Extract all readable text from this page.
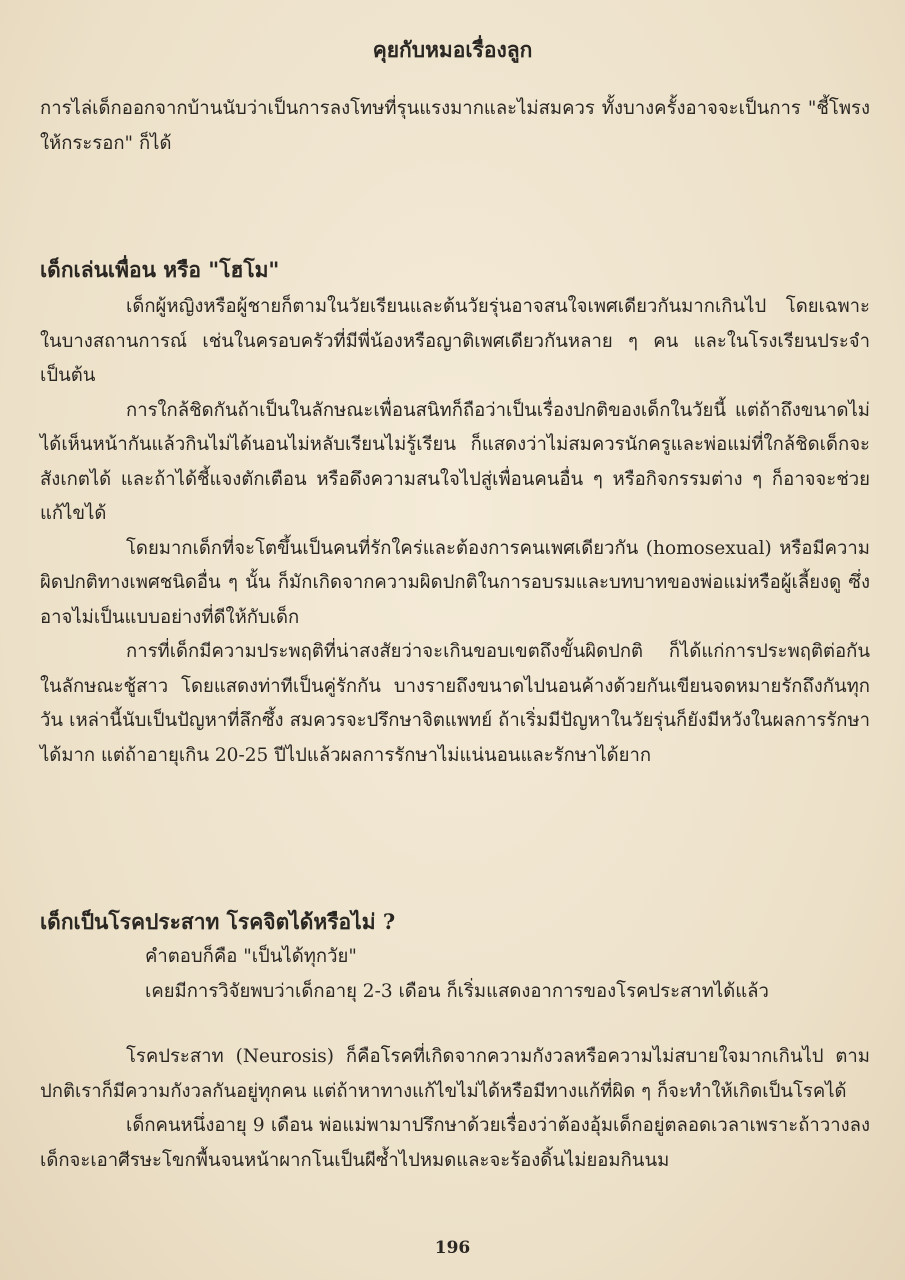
คุยกับหมอเรื่องลูก

การไล่เด็กออกจากบ้านนับว่าเป็นการลงโทษที่รุนแรงมากและไม่สมควร ทั้งบางครั้งอาจจะเป็นการ "ชี้โพรงให้กระรอก" ก็ได้

เด็กเล่นเพื่อน หรือ "โฮโม"

เด็กผู้หญิงหรือผู้ชายก็ตามในวัยเรียนและต้นวัยรุ่นอาจสนใจเพศเดียวกันมากเกินไป โดยเฉพาะในบางสถานการณ์ เช่นในครอบครัวที่มีพี่น้องหรือญาติเพศเดียวกันหลาย ๆ คน และในโรงเรียนประจำ เป็นต้น

การใกล้ชิดกันถ้าเป็นในลักษณะเพื่อนสนิทก็ถือว่าเป็นเรื่องปกติของเด็กในวัยนี้ แต่ถ้าถึงขนาดไม่ได้เห็นหน้ากันแล้วกินไม่ได้นอนไม่หลับเรียนไม่รู้เรียน ก็แสดงว่าไม่สมควรนักครูและพ่อแม่ที่ใกล้ชิดเด็กจะสังเกตได้ และถ้าได้ชี้แจงตักเตือน หรือดึงความสนใจไปสู่เพื่อนคนอื่น ๆ หรือกิจกรรมต่าง ๆ ก็อาจจะช่วยแก้ไขได้

โดยมากเด็กที่จะโตขึ้นเป็นคนที่รักใคร่และต้องการคนเพศเดียวกัน (homosexual) หรือมีความผิดปกติทางเพศชนิดอื่น ๆ นั้น ก็มักเกิดจากความผิดปกติในการอบรมและบทบาทของพ่อแม่หรือผู้เลี้ยงดู ซึ่งอาจไม่เป็นแบบอย่างที่ดีให้กับเด็ก

การที่เด็กมีความประพฤติที่น่าสงสัยว่าจะเกินขอบเขตถึงขั้นผิดปกติ ก็ได้แก่การประพฤติต่อกันในลักษณะชู้สาว โดยแสดงท่าทีเป็นคู่รักกัน บางรายถึงขนาดไปนอนค้างด้วยกันเขียนจดหมายรักถึงกันทุกวัน เหล่านี้นับเป็นปัญหาที่ลึกซึ้ง สมควรจะปรึกษาจิตแพทย์ ถ้าเริ่มมีปัญหาในวัยรุ่นก็ยังมีหวังในผลการรักษาได้มาก แต่ถ้าอายุเกิน 20-25 ปีไปแล้วผลการรักษาไม่แน่นอนและรักษาได้ยาก

เด็กเป็นโรคประสาท โรคจิตได้หรือไม่ ?
คำตอบก็คือ "เป็นได้ทุกวัย"
เคยมีการวิจัยพบว่าเด็กอายุ 2-3 เดือน ก็เริ่มแสดงอาการของโรคประสาทได้แล้ว

โรคประสาท (Neurosis) ก็คือโรคที่เกิดจากความกังวลหรือความไม่สบายใจมากเกินไป ตามปกติเราก็มีความกังวลกันอยู่ทุกคน แต่ถ้าหาทางแก้ไขไม่ได้หรือมีทางแก้ที่ผิด ๆ ก็จะทำให้เกิดเป็นโรคได้

เด็กคนหนึ่งอายุ 9 เดือน พ่อแม่พามาปรึกษาด้วยเรื่องว่าต้องอุ้มเด็กอยู่ตลอดเวลาเพราะถ้าวางลงเด็กจะเอาศีรษะโขกพื้นจนหน้าผากโนเป็นผีซ้ำไปหมดและจะร้องดิ้นไม่ยอมกินนม

196
